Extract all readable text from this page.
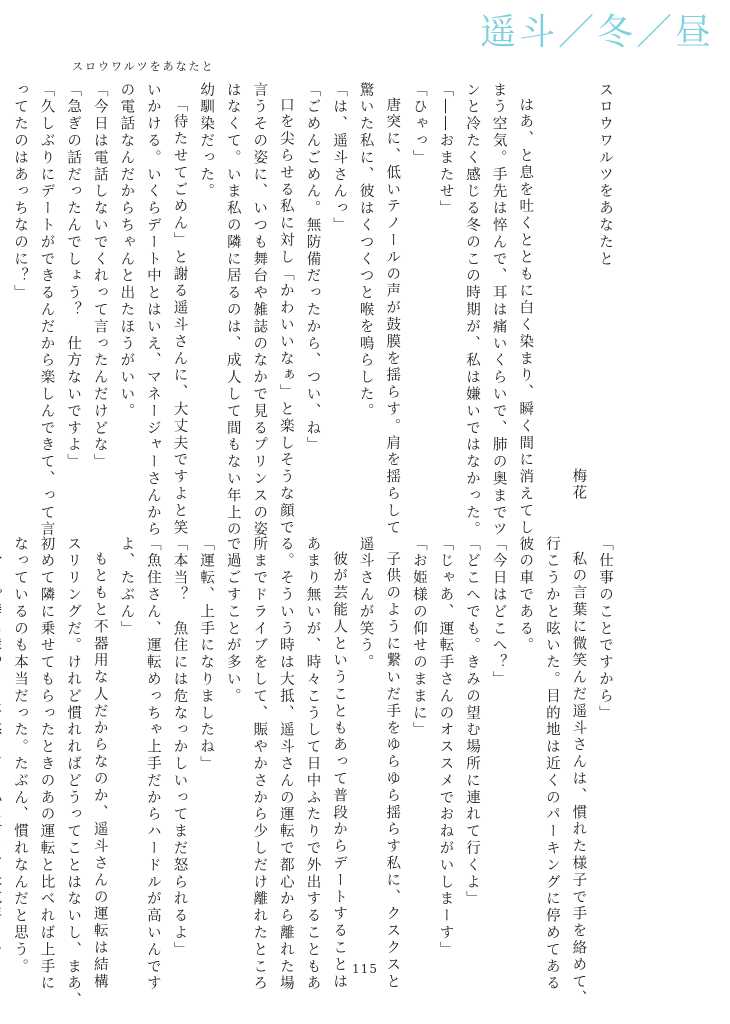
遥斗／冬／昼
スロウワルツをあなたと

スロウワルツをあなたと

梅花

はあ、と息を吐くとともに白く染まり、瞬く間に消えてし

まう空気。手先は悴んで、耳は痛いくらいで、肺の奥までツ

ンと冷たく感じる冬のこの時期が、私は嫌いではなかった。

「――おまたせ」

「ひゃっ」

唐突に、低いテノールの声が鼓膜を揺らす。肩を揺らして

驚いた私に、彼はくつくつと喉を鳴らした。

「は、遥斗さんっ」

「ごめんごめん。無防備だったから、つい、ね」

口を尖らせる私に対し「かわいいなぁ」と楽しそうな顔で

言うその姿に、いつも舞台や雑誌のなかで見るプリンスの姿

はなくて。いま私の隣に居るのは、成人して間もない年上の

幼馴染だった。

「待たせてごめん」と謝る遥斗さんに、大丈夫ですよと笑

いかける。いくらデート中とはいえ、マネージャーさんから

の電話なんだからちゃんと出たほうがいい。

「今日は電話しないでくれって言ったんだけどな」

「急ぎの話だったんでしょう？　仕方ないですよ」

「久しぶりにデートができるんだから楽しんできて、って言

ってたのはあっちなのに？」

「仕事のことですから」

私の言葉に微笑んだ遥斗さんは、慣れた様子で手を絡めて、

行こうかと呟いた。目的地は近くのパーキングに停めてある

彼の車である。

「今日はどこへ？」

「どこへでも。きみの望む場所に連れて行くよ」

「じゃあ、運転手さんのオススメでおねがいしまーす」

「お姫様の仰せのままに」

子供のように繋いだ手をゆらゆら揺らす私に、クスクスと

遥斗さんが笑う。

彼が芸能人ということもあって普段からデートすることは

あまり無いが、時々こうして日中ふたりで外出することもあ

る。そういう時は大抵、遥斗さんの運転で都心から離れた場

所までドライブをして、賑やかさから少しだけ離れたところ

で過ごすことが多い。

「運転、上手になりましたね」

「本当？　魚住には危なっかしいってまだ怒られるよ」

「魚住さん、運転めっちゃ上手だからハードルが高いんです

よ、たぶん」

もともと不器用な人だからなのか、遥斗さんの運転は結構

スリリングだ。けれど慣れればどうってことはないし、まあ、

初めて隣に乗せてもらったときのあの運転と比べれば上手に

なっているのも本当だった。たぶん、慣れなんだと思う。	115
